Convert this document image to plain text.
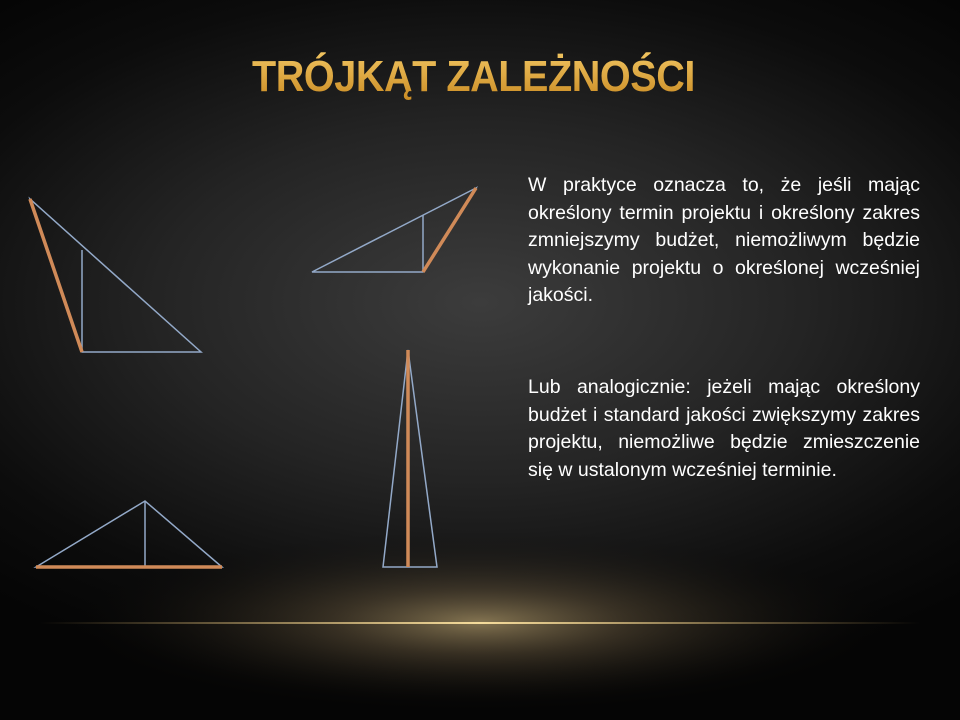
TRÓJKĄT ZALEŻNOŚCI

W praktyce oznacza to, że jeśli mając określony termin projektu i określony zakres zmniejszymy budżet, niemożliwym będzie wykonanie projektu o określonej wcześniej jakości.

Lub analogicznie: jeżeli mając określony budżet i standard jakości zwiększymy zakres projektu, niemożliwe będzie zmieszczenie się w ustalonym wcześniej terminie.
